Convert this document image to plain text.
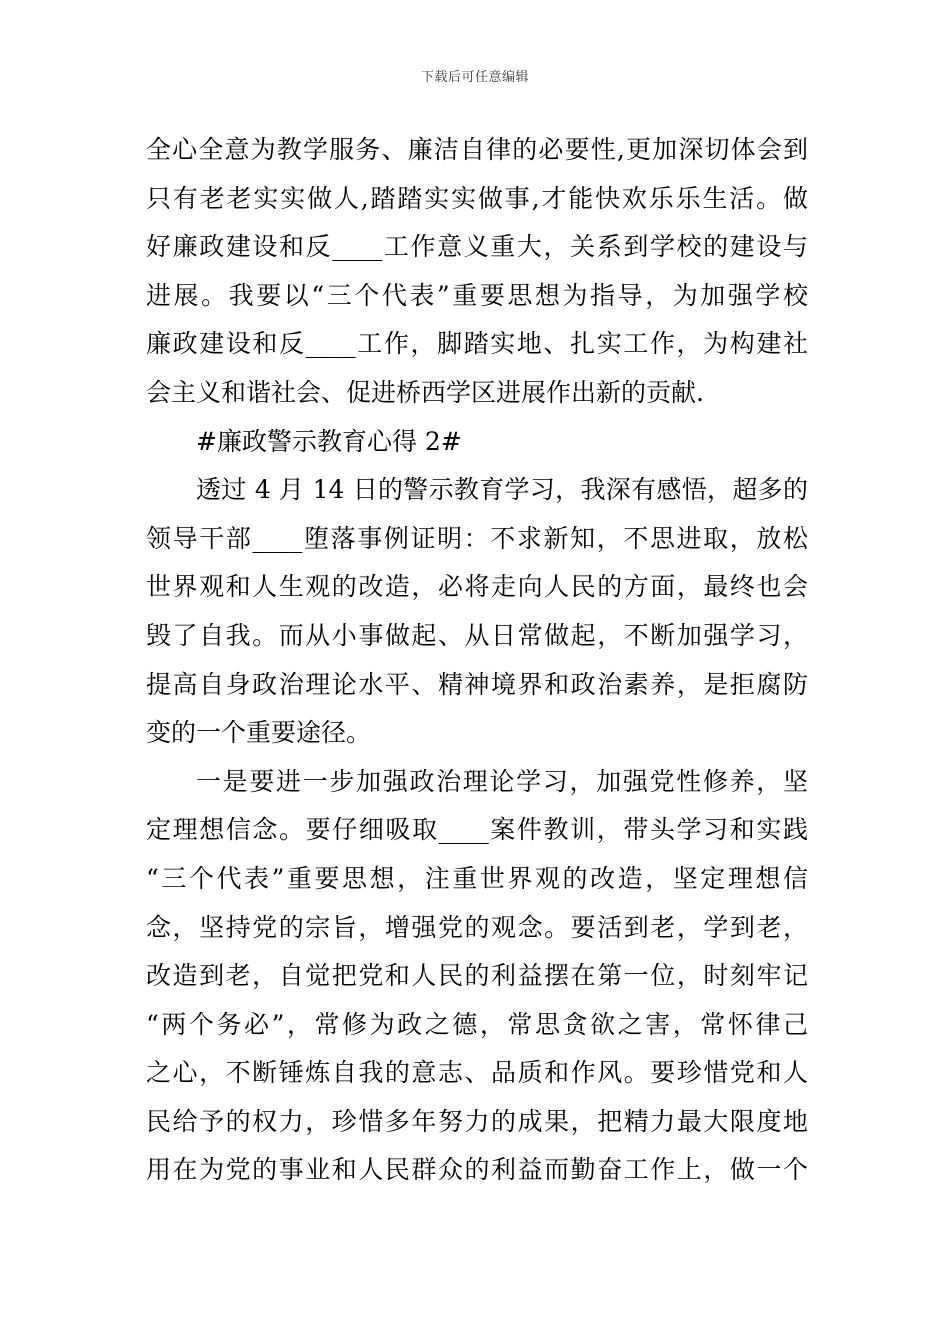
下载后可任意编辑
全心全意为教学服务、廉洁自律的必要性,更加深切体会到
只有老老实实做人,踏踏实实做事,才能快欢乐乐生活。做
好廉政建设和反____工作意义重大，关系到学校的建设与
进展。我要以“三个代表”重要思想为指导，为加强学校
廉政建设和反____工作，脚踏实地、扎实工作，为构建社
会主义和谐社会、促进桥西学区进展作出新的贡献.
#廉政警示教育心得 2#
透过 4 月 14 日的警示教育学习，我深有感悟，超多的
领导干部____堕落事例证明：不求新知，不思进取，放松
世界观和人生观的改造，必将走向人民的方面，最终也会
毁了自我。而从小事做起、从日常做起，不断加强学习，
提高自身政治理论水平、精神境界和政治素养，是拒腐防
变的一个重要途径。
一是要进一步加强政治理论学习，加强党性修养，坚
定理想信念。要仔细吸取____案件教训，带头学习和实践
“三个代表”重要思想，注重世界观的改造，坚定理想信
念，坚持党的宗旨，增强党的观念。要活到老，学到老，
改造到老，自觉把党和人民的利益摆在第一位，时刻牢记
“两个务必”，常修为政之德，常思贪欲之害，常怀律己
之心，不断锤炼自我的意志、品质和作风。要珍惜党和人
民给予的权力，珍惜多年努力的成果，把精力最大限度地
用在为党的事业和人民群众的利益而勤奋工作上，做一个
